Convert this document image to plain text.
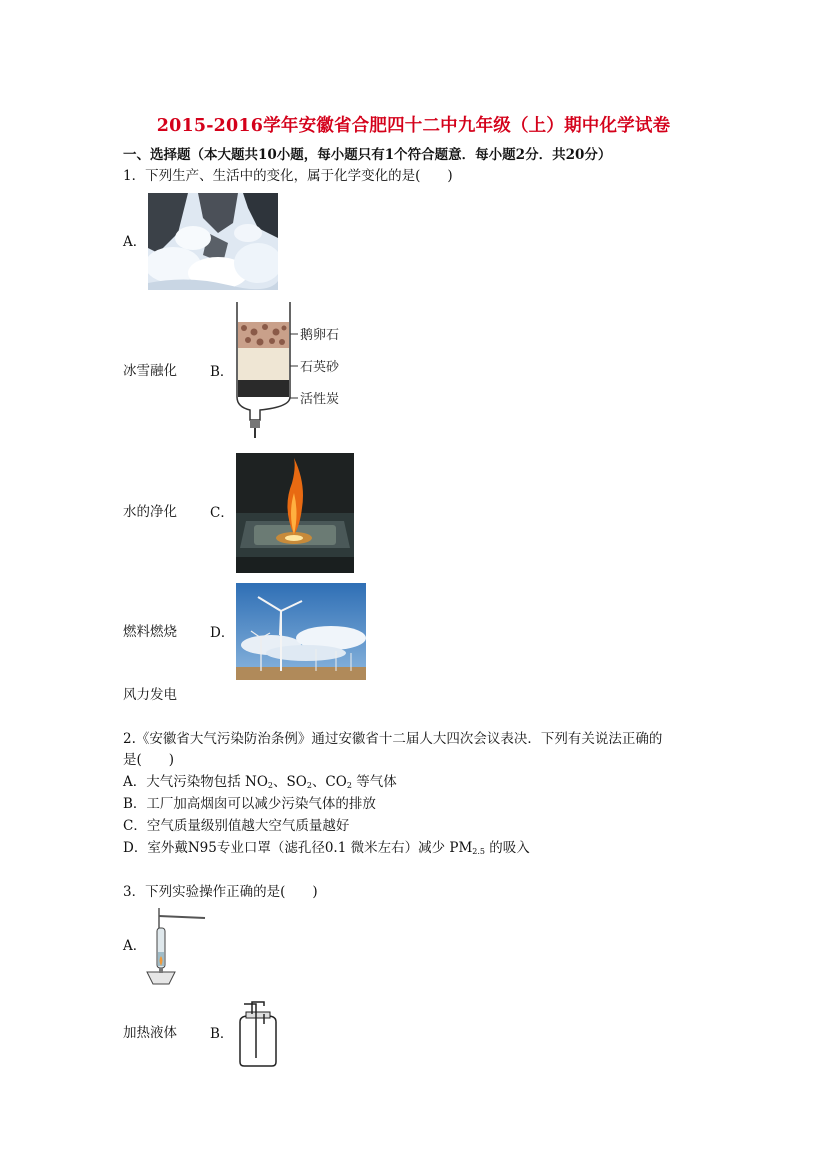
2015-2016学年安徽省合肥四十二中九年级（上）期中化学试卷
一、选择题（本大题共10小题，每小题只有1个符合题意．每小题2分．共20分）
1．下列生产、生活中的变化，属于化学变化的是(　　)
A．
冰雪融化 B．
鹅卵石
石英砂
活性炭
水的净化 C．
燃料燃烧 D．
风力发电
2.《安徽省大气污染防治条例》通过安徽省十二届人大四次会议表决．下列有关说法正确的
是(　　)
A．大气污染物包括 $NO_2$、$SO_2$、$CO_2$ 等气体
B．工厂加高烟囱可以减少污染气体的排放
C．空气质量级别值越大空气质量越好
D．室外戴N95专业口罩（滤孔径0.1 微米左右）减少 $PM_{2.5}$ 的吸入
3．下列实验操作正确的是(　　)
A．
加热液体 B．
